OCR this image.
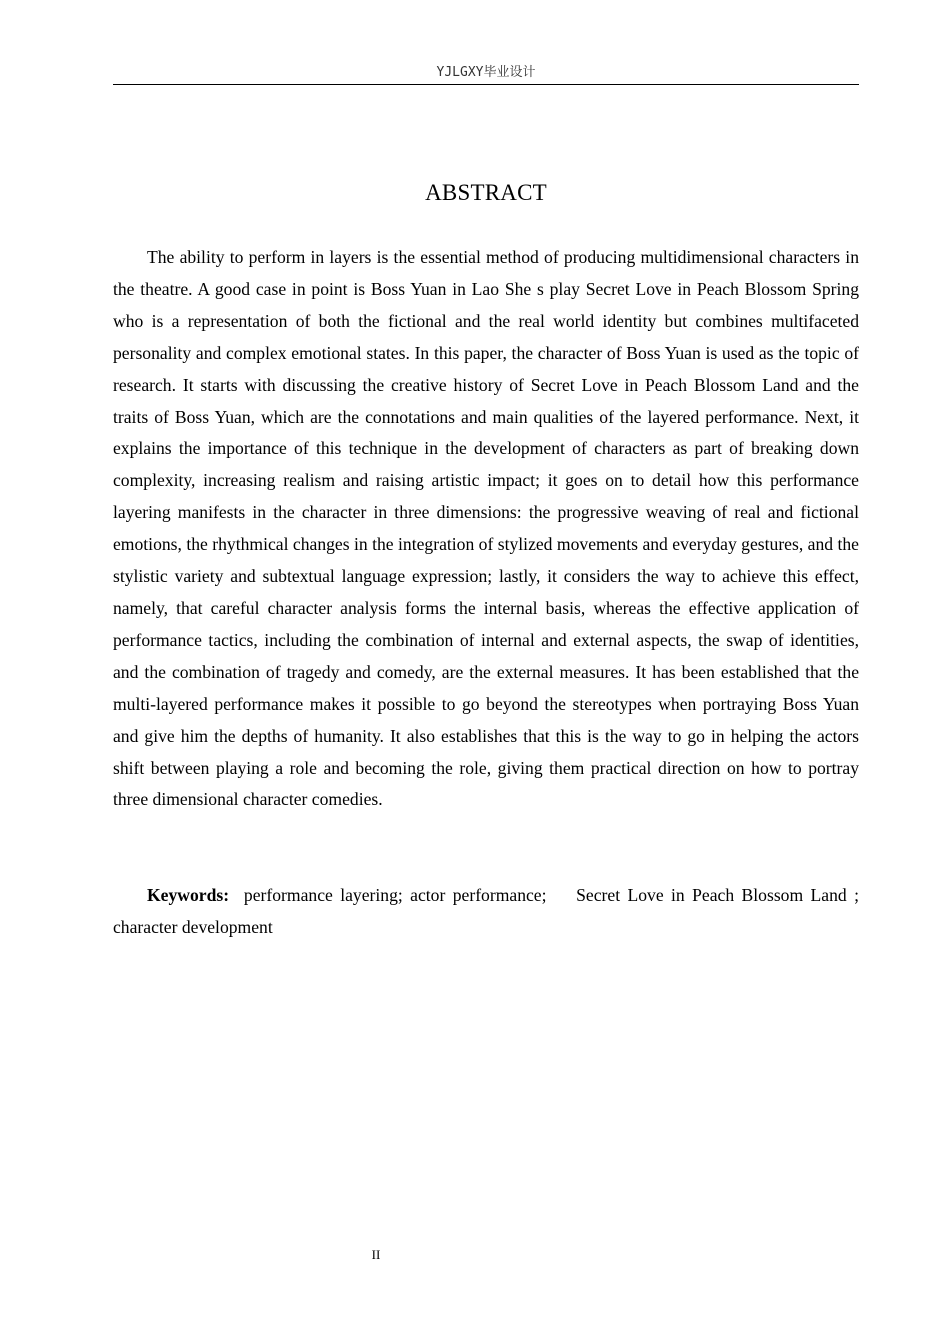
YJLGXY毕业设计
ABSTRACT

The ability to perform in layers is the essential method of producing multidimensional characters in the theatre. A good case in point is Boss Yuan in Lao She s play Secret Love in Peach Blossom Spring who is a representation of both the fictional and the real world identity but combines multifaceted personality and complex emotional states. In this paper, the character of Boss Yuan is used as the topic of research. It starts with discussing the creative history of Secret Love in Peach Blossom Land and the traits of Boss Yuan, which are the connotations and main qualities of the layered performance. Next, it explains the importance of this technique in the development of characters as part of breaking down complexity, increasing realism and raising artistic impact; it goes on to detail how this performance layering manifests in the character in three dimensions: the progressive weaving of real and fictional emotions, the rhythmical changes in the integration of stylized movements and everyday gestures, and the stylistic variety and subtextual language expression; lastly, it considers the way to achieve this effect, namely, that careful character analysis forms the internal basis, whereas the effective application of performance tactics, including the combination of internal and external aspects, the swap of identities, and the combination of tragedy and comedy, are the external measures. It has been established that the multi-layered performance makes it possible to go beyond the stereotypes when portraying Boss Yuan and give him the depths of humanity. It also establishes that this is the way to go in helping the actors shift between playing a role and becoming the role, giving them practical direction on how to portray three dimensional character comedies.

Keywords: performance layering; actor performance;    Secret Love in Peach Blossom Land ; character development

II
